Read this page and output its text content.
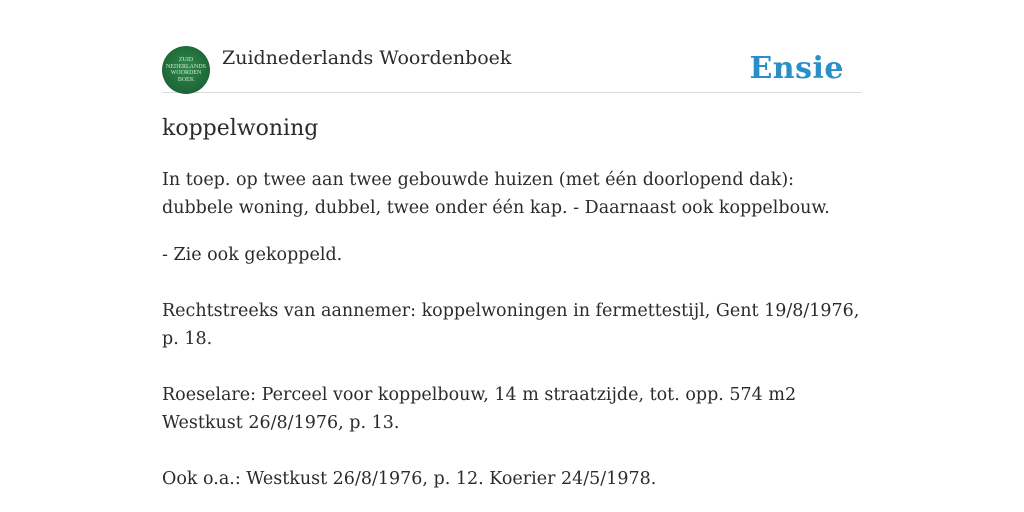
ZUID
NEDERLANDS
WOORDEN
BOEK
Zuidnederlands Woordenboek	Ensie
koppelwoning

In toep. op twee aan twee gebouwde huizen (met één doorlopend dak): dubbele woning, dubbel, twee onder één kap. - Daarnaast ook koppelbouw.

- Zie ook gekoppeld.

Rechtstreeks van aannemer: koppelwoningen in fermettestijl, Gent 19/8/1976, p. 18.

Roeselare: Perceel voor koppelbouw, 14 m straatzijde, tot. opp. 574 m2 Westkust 26/8/1976, p. 13.

Ook o.a.: Westkust 26/8/1976, p. 12. Koerier 24/5/1978.
